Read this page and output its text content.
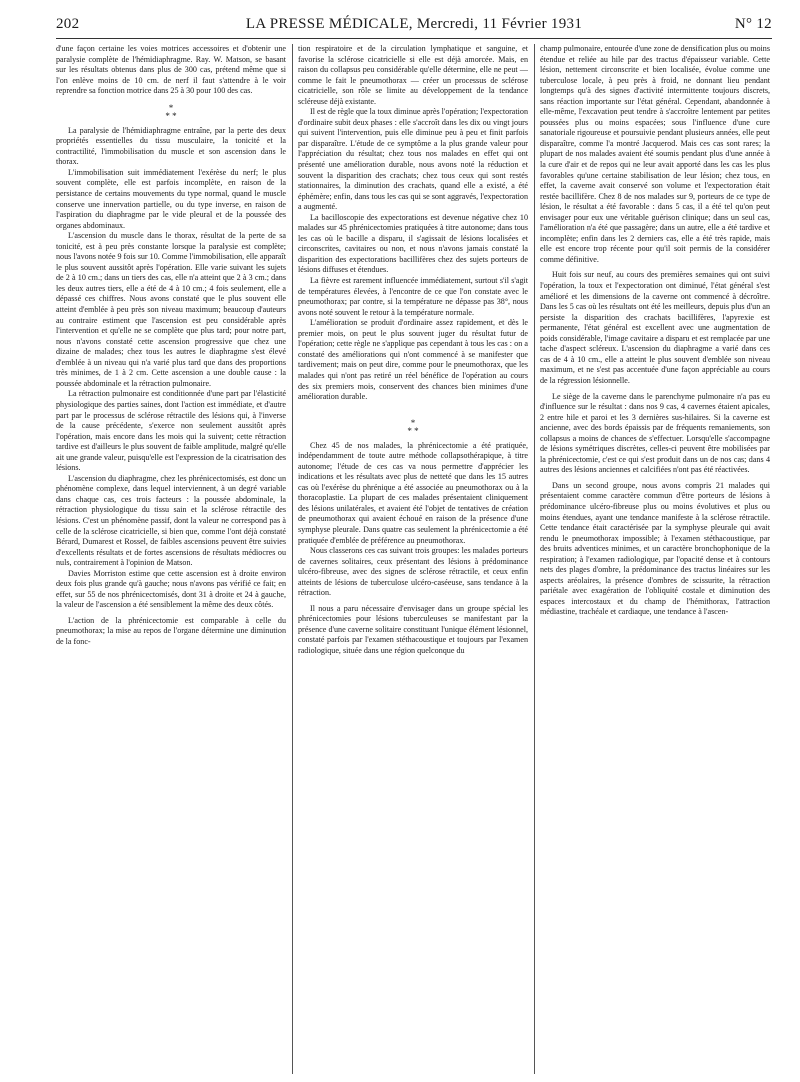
202	LA PRESSE MÉDICALE, Mercredi, 11 Février 1931	N° 12

d'une façon certaine les voies motrices accessoires et d'obtenir une paralysie complète de l'hémidiaphragme. Ray. W. Matson, se basant sur les résultats obtenus dans plus de 300 cas, prétend même que si l'on enlève moins de 10 cm. de nerf il faut s'attendre à le voir reprendre sa fonction motrice dans 25 à 30 pour 100 des cas.

*
* *

La paralysie de l'hémidiaphragme entraîne, par la perte des deux propriétés essentielles du tissu musculaire, la tonicité et la contractilité, l'immobilisation du muscle et son ascension dans le thorax.

L'immobilisation suit immédiatement l'exérèse du nerf; le plus souvent complète, elle est parfois incomplète, en raison de la persistance de certains mouvements du type normal, quand le muscle conserve une innervation partielle, ou du type inverse, en raison de l'aspiration du diaphragme par le vide pleural et de la poussée des organes abdominaux.

L'ascension du muscle dans le thorax, résultat de la perte de sa tonicité, est à peu près constante lorsque la paralysie est complète; nous l'avons notée 9 fois sur 10. Comme l'immobilisation, elle apparaît le plus souvent aussitôt après l'opération. Elle varie suivant les sujets de 2 à 10 cm.; dans un tiers des cas, elle n'a atteint que 2 à 3 cm.; dans les deux autres tiers, elle a été de 4 à 10 cm.; 4 fois seulement, elle a dépassé ces chiffres. Nous avons constaté que le plus souvent elle atteint d'emblée à peu près son niveau maximum; beaucoup d'auteurs au contraire estiment que l'ascension est peu considérable après l'intervention et qu'elle ne se complète que plus tard; pour notre part, nous n'avons constaté cette ascension progressive que chez une dizaine de malades; chez tous les autres le diaphragme s'est élevé d'emblée à un niveau qui n'a varié plus tard que dans des proportions très minimes, de 1 à 2 cm. Cette ascension a une double cause : la poussée abdominale et la rétraction pulmonaire.

La rétraction pulmonaire est conditionnée d'une part par l'élasticité physiologique des parties saines, dont l'action est immédiate, et d'autre part par le processus de sclérose rétractile des lésions qui, à l'inverse de la cause précédente, s'exerce non seulement aussitôt après l'opération, mais encore dans les mois qui la suivent; cette rétraction tardive est d'ailleurs le plus souvent de faible amplitude, malgré qu'elle ait une grande valeur, puisqu'elle est l'expression de la cicatrisation des lésions.

L'ascension du diaphragme, chez les phrénicectomisés, est donc un phénomène complexe, dans lequel interviennent, à un degré variable dans chaque cas, ces trois facteurs : la poussée abdominale, la rétraction physiologique du tissu sain et la sclérose rétractile des lésions. C'est un phénomène passif, dont la valeur ne correspond pas à celle de la sclérose cicatricielle, si bien que, comme l'ont déjà constaté Bérard, Dumarest et Rossel, de faibles ascensions peuvent être suivies d'excellents résultats et de fortes ascensions de résultats médiocres ou nuls, contrairement à l'opinion de Matson.

Davies Morriston estime que cette ascension est à droite environ deux fois plus grande qu'à gauche; nous n'avons pas vérifié ce fait; en effet, sur 55 de nos phrénicectomisés, dont 31 à droite et 24 à gauche, la valeur de l'ascension a été sensiblement la même des deux côtés.

L'action de la phrénicectomie est comparable à celle du pneumothorax; la mise au repos de l'organe détermine une diminution de la fonc-

tion respiratoire et de la circulation lymphatique et sanguine, et favorise la sclérose cicatricielle si elle est déjà amorcée. Mais, en raison du collapsus peu considérable qu'elle détermine, elle ne peut — comme le fait le pneumothorax — créer un processus de sclérose cicatricielle, son rôle se limite au développement de la tendance scléreuse déjà existante.

Il est de règle que la toux diminue après l'opération; l'expectoration d'ordinaire subit deux phases : elle s'accroît dans les dix ou vingt jours qui suivent l'intervention, puis elle diminue peu à peu et finit parfois par disparaître. L'étude de ce symptôme a la plus grande valeur pour l'appréciation du résultat; chez tous nos malades en effet qui ont présenté une amélioration durable, nous avons noté la réduction et souvent la disparition des crachats; chez tous ceux qui sont restés stationnaires, la diminution des crachats, quand elle a existé, a été éphémère; enfin, dans tous les cas qui se sont aggravés, l'expectoration a augmenté.

La bacilloscopie des expectorations est devenue négative chez 10 malades sur 45 phrénicectomies pratiquées à titre autonome; dans tous les cas où le bacille a disparu, il s'agissait de lésions localisées et circonscrites, cavitaires ou non, et nous n'avons jamais constaté la disparition des expectorations bacillifères chez des sujets porteurs de lésions diffuses et étendues.

La fièvre est rarement influencée immédiatement, surtout s'il s'agit de températures élevées, à l'encontre de ce que l'on constate avec le pneumothorax; par contre, si la température ne dépasse pas 38°, nous avons noté souvent le retour à la température normale.

L'amélioration se produit d'ordinaire assez rapidement, et dès le premier mois, on peut le plus souvent juger du résultat futur de l'opération; cette règle ne s'applique pas cependant à tous les cas : on a constaté des améliorations qui n'ont commencé à se manifester que tardivement; mais on peut dire, comme pour le pneumothorax, que les malades qui n'ont pas retiré un réel bénéfice de l'opération au cours des six premiers mois, conservent des chances bien minimes d'une amélioration durable.

*
* *

Chez 45 de nos malades, la phrénicectomie a été pratiquée, indépendamment de toute autre méthode collapsothérapique, à titre autonome; l'étude de ces cas va nous permettre d'apprécier les indications et les résultats avec plus de netteté que dans les 15 autres cas où l'exérèse du phrénique a été associée au pneumothorax ou à la thoracoplastie. La plupart de ces malades présentaient cliniquement des lésions unilatérales, et avaient été l'objet de tentatives de création de pneumothorax qui avaient échoué en raison de la présence d'une symphyse pleurale. Dans quatre cas seulement la phrénicectomie a été pratiquée d'emblée de préférence au pneumothorax.

Nous classerons ces cas suivant trois groupes: les malades porteurs de cavernes solitaires, ceux présentant des lésions à prédominance ulcéro-fibreuse, avec des signes de sclérose rétractile, et ceux enfin atteints de lésions de tuberculose ulcéro-caséeuse, sans tendance à la rétraction.

Il nous a paru nécessaire d'envisager dans un groupe spécial les phrénicectomies pour lésions tuberculeuses se manifestant par la présence d'une caverne solitaire constituant l'unique élément lésionnel, constaté parfois par l'examen stéthacoustique et toujours par l'examen radiologique, située dans une région quelconque du

champ pulmonaire, entourée d'une zone de densification plus ou moins étendue et reliée au hile par des tractus d'épaisseur variable. Cette lésion, nettement circonscrite et bien localisée, évolue comme une tuberculose locale, à peu près à froid, ne donnant lieu pendant longtemps qu'à des signes d'activité intermittente toujours discrets, sans réaction importante sur l'état général. Cependant, abandonnée à elle-même, l'excavation peut tendre à s'accroître lentement par petites poussées plus ou moins espacées; sous l'influence d'une cure sanatoriale rigoureuse et poursuivie pendant plusieurs années, elle peut disparaître, comme l'a montré Jacquerod. Mais ces cas sont rares; la plupart de nos malades avaient été soumis pendant plus d'une année à la cure d'air et de repos qui ne leur avait apporté dans les cas les plus favorables qu'une certaine stabilisation de leur lésion; chez tous, en effet, la caverne avait conservé son volume et l'expectoration était restée bacillifère. Chez 8 de nos malades sur 9, porteurs de ce type de lésion, le résultat a été favorable : dans 5 cas, il a été tel qu'on peut envisager pour eux une véritable guérison clinique; dans un seul cas, l'amélioration n'a été que passagère; dans un autre, elle a été tardive et incomplète; enfin dans les 2 derniers cas, elle a été très rapide, mais elle est encore trop récente pour qu'il soit permis de la considérer comme définitive.

Huit fois sur neuf, au cours des premières semaines qui ont suivi l'opération, la toux et l'expectoration ont diminué, l'état général s'est amélioré et les dimensions de la caverne ont commencé à décroître. Dans les 5 cas où les résultats ont été les meilleurs, depuis plus d'un an persiste la disparition des crachats bacillifères, l'apyrexie est permanente, l'état général est excellent avec une augmentation de poids considérable, l'image cavitaire a disparu et est remplacée par une tache d'aspect scléreux. L'ascension du diaphragme a varié dans ces cas de 4 à 10 cm., elle a atteint le plus souvent d'emblée son niveau maximum, et ne s'est pas accentuée d'une façon appréciable au cours de la régression lésionnelle.

Le siège de la caverne dans le parenchyme pulmonaire n'a pas eu d'influence sur le résultat : dans nos 9 cas, 4 cavernes étaient apicales, 2 entre hile et paroi et les 3 dernières sus-hilaires. Si la caverne est ancienne, avec des bords épaissis par de fréquents remaniements, son collapsus a moins de chances de s'effectuer. Lorsqu'elle s'accompagne de lésions symétriques discrètes, celles-ci peuvent être mobilisées par la phrénicectomie, c'est ce qui s'est produit dans un de nos cas; dans 4 autres des lésions anciennes et calcifiées n'ont pas été réactivées.

Dans un second groupe, nous avons compris 21 malades qui présentaient comme caractère commun d'être porteurs de lésions à prédominance ulcéro-fibreuse plus ou moins évolutives et plus ou moins étendues, ayant une tendance manifeste à la sclérose rétractile. Cette tendance était caractérisée par la symphyse pleurale qui avait rendu le pneumothorax impossible; à l'examen stéthacoustique, par des bruits adventices minimes, et un caractère bronchophonique de la respiration; à l'examen radiologique, par l'opacité dense et à contours nets des plages d'ombre, la prédominance des tractus linéaires sur les aspects aréolaires, la présence d'ombres de scissurite, la rétraction pariétale avec exagération de l'obliquité costale et diminution des espaces intercostaux et du champ de l'hémithorax, l'attraction médiastine, trachéale et cardiaque, une tendance à l'ascen-
